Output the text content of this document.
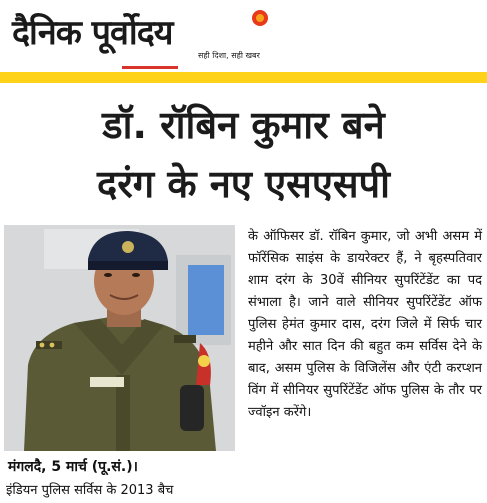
दैनिक पूर्वोदय
सही दिशा, सही खबर
डॉ. रॉबिन कुमार बने
दरंग के नए एसएसपी
मंगलदै, 5 मार्च (पू.सं.)।
इंडियन पुलिस सर्विस के 2013 बैच
के ऑफिसर डॉ. रॉबिन कुमार, जो अभी असम में फॉरेंसिक साइंस के डायरेक्टर हैं, ने बृहस्पतिवार शाम दरंग के 30वें सीनियर सुपरिंटेंडेंट का पद संभाला है। जाने वाले सीनियर सुपरिंटेंडेंट ऑफ पुलिस हेमंत कुमार दास, दरंग जिले में सिर्फ चार महीने और सात दिन की बहुत कम सर्विस देने के बाद, असम पुलिस के विजिलेंस और एंटी करप्शन विंग में सीनियर सुपरिंटेंडेंट ऑफ पुलिस के तौर पर ज्वॉइन करेंगे।
